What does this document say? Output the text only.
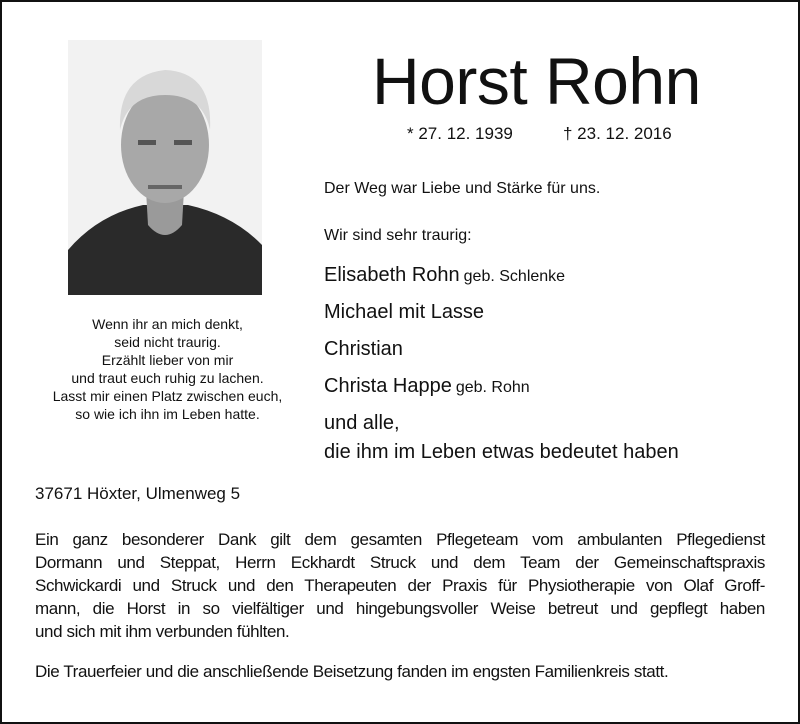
Horst Rohn
* 27. 12. 1939	† 23. 12. 2016
Der Weg war Liebe und Stärke für uns.
Wir sind sehr traurig:
Elisabeth Rohn geb. Schlenke
Michael mit Lasse
Christian
Christa Happe geb. Rohn
und alle,
die ihm im Leben etwas bedeutet haben
Wenn ihr an mich denkt,
seid nicht traurig.
Erzählt lieber von mir
und traut euch ruhig zu lachen.
Lasst mir einen Platz zwischen euch,
so wie ich ihn im Leben hatte.
37671 Höxter, Ulmenweg 5
Ein ganz besonderer Dank gilt dem gesamten Pflegeteam vom ambulanten Pflegedienst
Dormann und Steppat, Herrn Eckhardt Struck und dem Team der Gemeinschaftspraxis
Schwickardi und Struck und den Therapeuten der Praxis für Physiotherapie von Olaf Groff-
mann, die Horst in so vielfältiger und hingebungsvoller Weise betreut und gepflegt haben
und sich mit ihm verbunden fühlten.
Die Trauerfeier und die anschließende Beisetzung fanden im engsten Familienkreis statt.
